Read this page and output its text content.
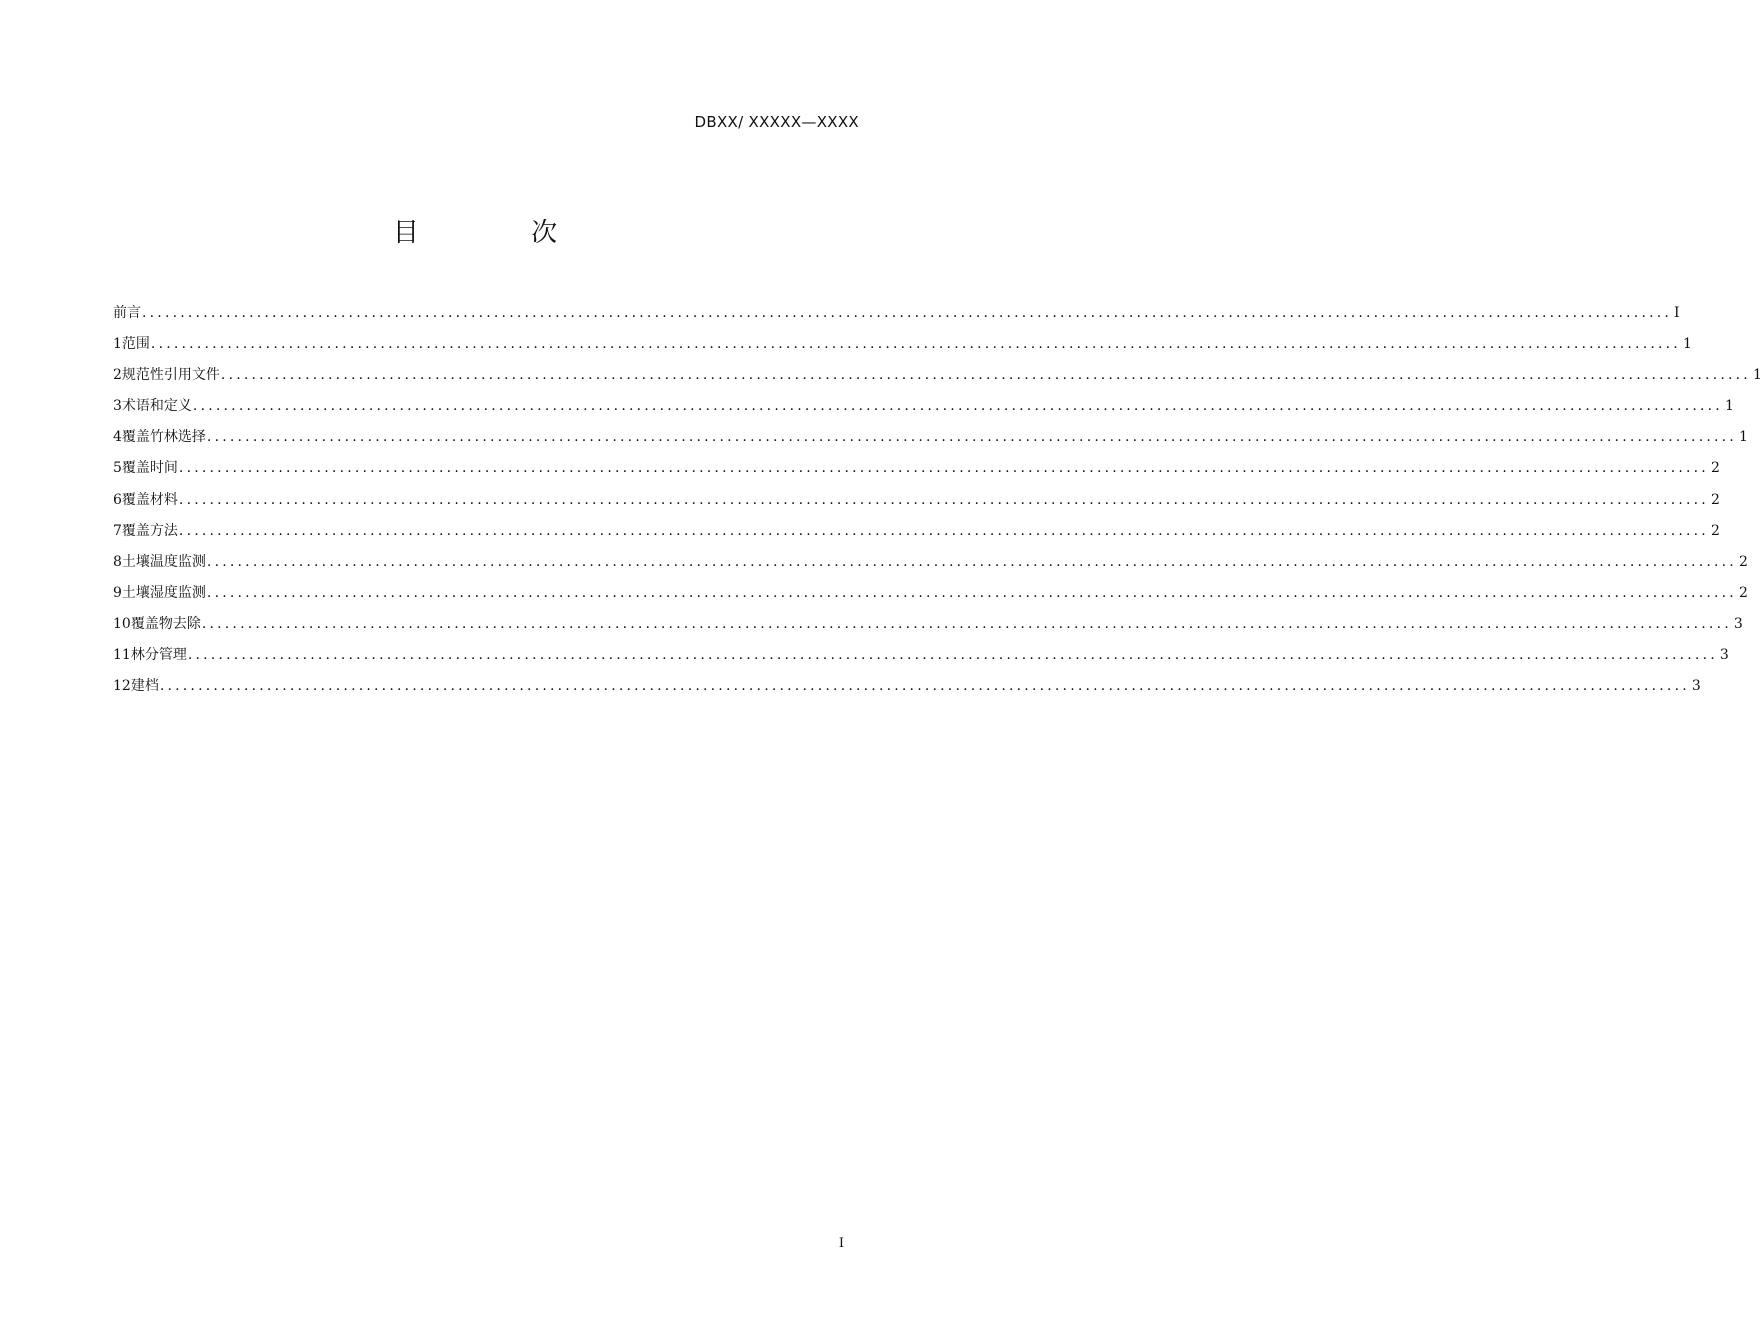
DBXX/ XXXXX—XXXX
目 次
前言 ........................................................................................................................................................................................................ I
1 范围 ........................................................................................................................................................................................................ 1
2 规范性引用文件 ........................................................................................................................................................................................................ 1
3 术语和定义 ........................................................................................................................................................................................................ 1
4 覆盖竹林选择 ........................................................................................................................................................................................................ 1
5 覆盖时间 ........................................................................................................................................................................................................ 2
6 覆盖材料 ........................................................................................................................................................................................................ 2
7 覆盖方法 ........................................................................................................................................................................................................ 2
8 土壤温度监测 ........................................................................................................................................................................................................ 2
9 土壤湿度监测 ........................................................................................................................................................................................................ 2
10 覆盖物去除 ........................................................................................................................................................................................................ 3
11 林分管理 ........................................................................................................................................................................................................ 3
12 建档 ........................................................................................................................................................................................................ 3
I
